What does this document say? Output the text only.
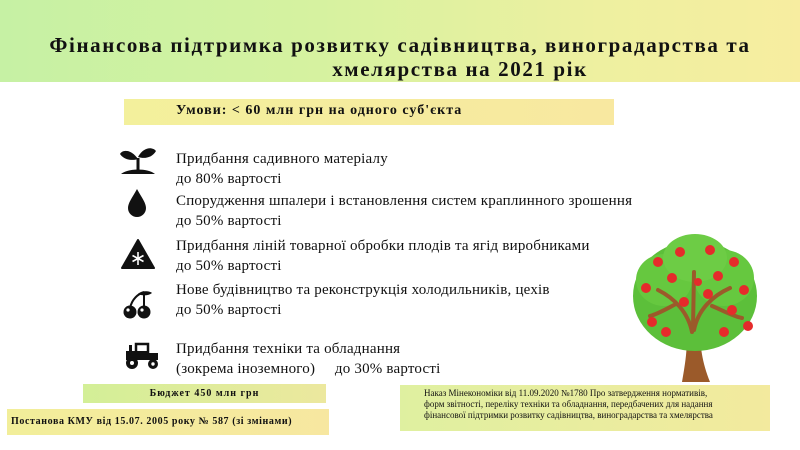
Фінансова підтримка розвитку садівництва, виноградарства та
хмелярства на 2021 рік
Умови: < 60 млн грн на одного суб'єкта
Придбання садивного матеріалу
до 80% вартості
Спорудження шпалери і встановлення систем краплинного зрошення
до 50% вартості
Придбання ліній товарної обробки плодів та ягід виробниками
до 50% вартості
Нове будівництво та реконструкція холодильників, цехів
до 50% вартості
Придбання техніки та обладнання
(зокрема іноземного)     до 30% вартості
Бюджет 450 млн грн
Постанова КМУ від 15.07. 2005 року № 587 (зі змінами)
Наказ Мінекономіки від 11.09.2020 №1780 Про затвердження нормативів,
форм звітності, переліку техніки та обладнання, передбачених для надання
фінансової підтримки розвитку садівництва, виноградарства та хмелярства
